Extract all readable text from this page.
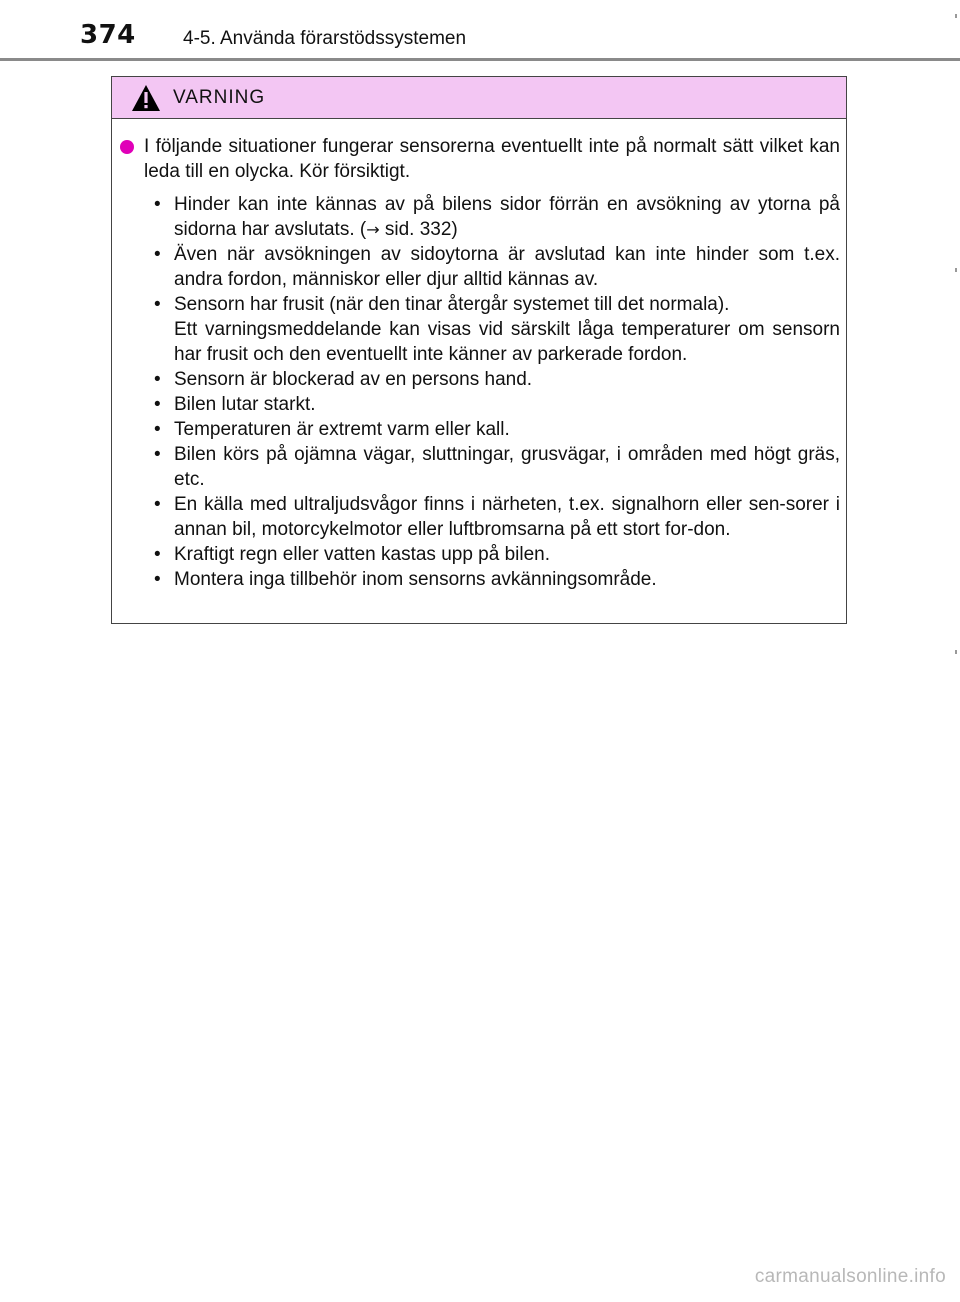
374 4-5. Använda förarstödssystemen
VARNING
I följande situationer fungerar sensorerna eventuellt inte på normalt sätt vilket kan leda till en olycka. Kör försiktigt.
• Hinder kan inte kännas av på bilens sidor förrän en avsökning av ytorna på sidorna har avslutats. (→ sid. 332)
• Även när avsökningen av sidoytorna är avslutad kan inte hinder som t.ex. andra fordon, människor eller djur alltid kännas av.
• Sensorn har frusit (när den tinar återgår systemet till det normala).
Ett varningsmeddelande kan visas vid särskilt låga temperaturer om sensorn har frusit och den eventuellt inte känner av parkerade fordon.
• Sensorn är blockerad av en persons hand.
• Bilen lutar starkt.
• Temperaturen är extremt varm eller kall.
• Bilen körs på ojämna vägar, sluttningar, grusvägar, i områden med högt gräs, etc.
• En källa med ultraljudsvågor finns i närheten, t.ex. signalhorn eller sen-sorer i annan bil, motorcykelmotor eller luftbromsarna på ett stort for-don.
• Kraftigt regn eller vatten kastas upp på bilen.
• Montera inga tillbehör inom sensorns avkänningsområde.
carmanualsonline.info
